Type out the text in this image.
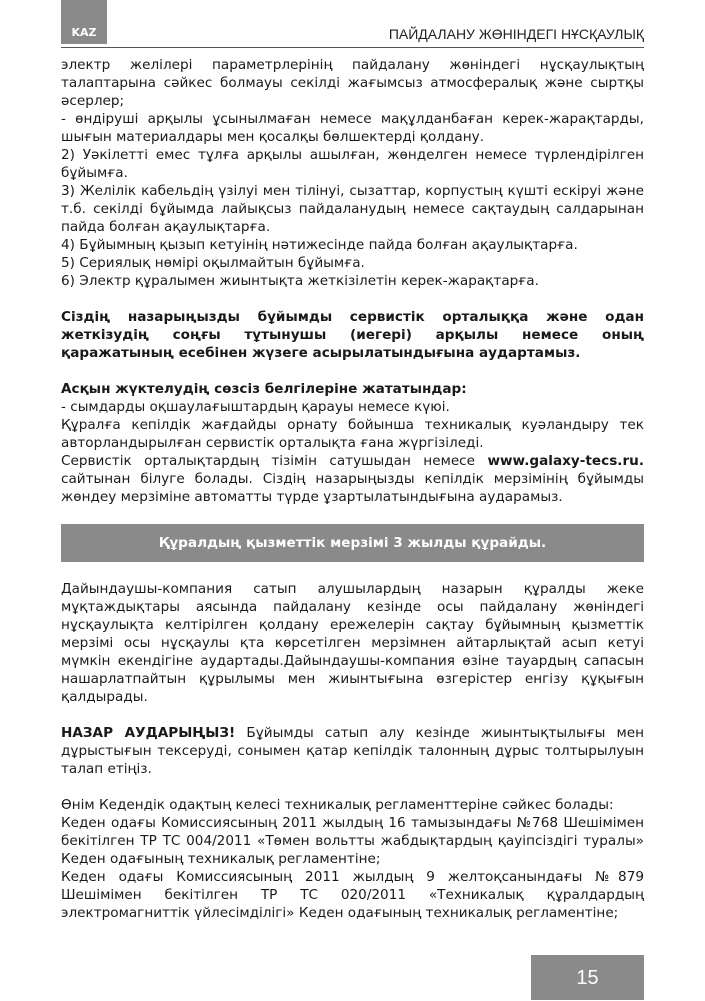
KAZ	ПАЙДАЛАНУ ЖӨНІНДЕГІ НҰСҚАУЛЫҚ

электр желілері параметрлерінің пайдалану жөніндегі нұсқаулықтың талаптарына сәйкес болмауы секілді жағымсыз атмосфералық және сыртқы әсерлер;

- өндіруші арқылы ұсынылмаған немесе мақұлданбаған керек-жарақтарды, шығын материалдары мен қосалқы бөлшектерді қолдану.

2) Уәкілетті емес тұлға арқылы ашылған, жөнделген немесе түрлендірілген бұйымға.

3) Желілік кабельдің үзілуі мен тілінуі, сызаттар, корпустың күшті ескіруі және т.б. секілді бұйымда лайықсыз пайдаланудың немесе сақтаудың салдарынан пайда болған ақаулықтарға.

4) Бұйымның қызып кетуінің нәтижесінде пайда болған ақаулықтарға.

5) Сериялық нөмірі оқылмайтын бұйымға.

6) Электр құралымен жиынтықта жеткізілетін керек-жарақтарға.

Сіздің назарыңызды бұйымды сервистік орталыққа және одан жеткізудің соңғы тұтынушы (иегері) арқылы немесе оның қаражатының есебінен жүзеге асырылатындығына аудартамыз.

Асқын жүктелудің сөзсіз белгілеріне жататындар:

- сымдарды оқшаулағыштардың қарауы немесе күюі.

Құралға кепілдік жағдайды орнату бойынша техникалық куәландыру тек авторландырылған сервистік орталықта ғана жүргізіледі.

Сервистік орталықтардың тізімін сатушыдан немесе www.galaxy-tecs.ru. сайтынан білуге болады. Сіздің назарыңызды кепілдік мерзімінің бұйымды жөндеу мерзіміне автоматты түрде ұзартылатындығына аударамыз.

Құралдың қызметтік мерзімі 3 жылды құрайды.

Дайындаушы-компания сатып алушылардың назарын құралды жеке мұқтаждықтары аясында пайдалану кезінде осы пайдалану жөніндегі нұсқаулықта келтірілген қолдану ережелерін сақтау бұйымның қызметтік мерзімі осы нұсқаулы қта көрсетілген мерзімнен айтарлықтай асып кетуі мүмкін екендігіне аудартады.Дайындаушы-компания өзіне тауардың сапасын нашарлатпайтын құрылымы мен жиынтығына өзгерістер енгізу құқығын қалдырады.

НАЗАР АУДАРЫҢЫЗ! Бұйымды сатып алу кезінде жиынтықтылығы мен дұрыстығын тексеруді, сонымен қатар кепілдік талонның дұрыс толтырылуын талап етіңіз.

Өнім Кедендік одақтың келесі техникалық регламенттеріне сәйкес болады:

Кеден одағы Комиссиясының 2011 жылдың 16 тамызындағы №768 Шешімімен бекітілген ТР ТС 004/2011 «Төмен вольтты жабдықтардың қауіпсіздігі туралы» Кеден одағының техникалық регламентіне;

Кеден одағы Комиссиясының 2011 жылдың 9 желтоқсанындағы №879 Шешімімен бекітілген ТР ТС 020/2011 «Техникалық құралдардың электромагниттік үйлесімділігі» Кеден одағының техникалық регламентіне;

15
